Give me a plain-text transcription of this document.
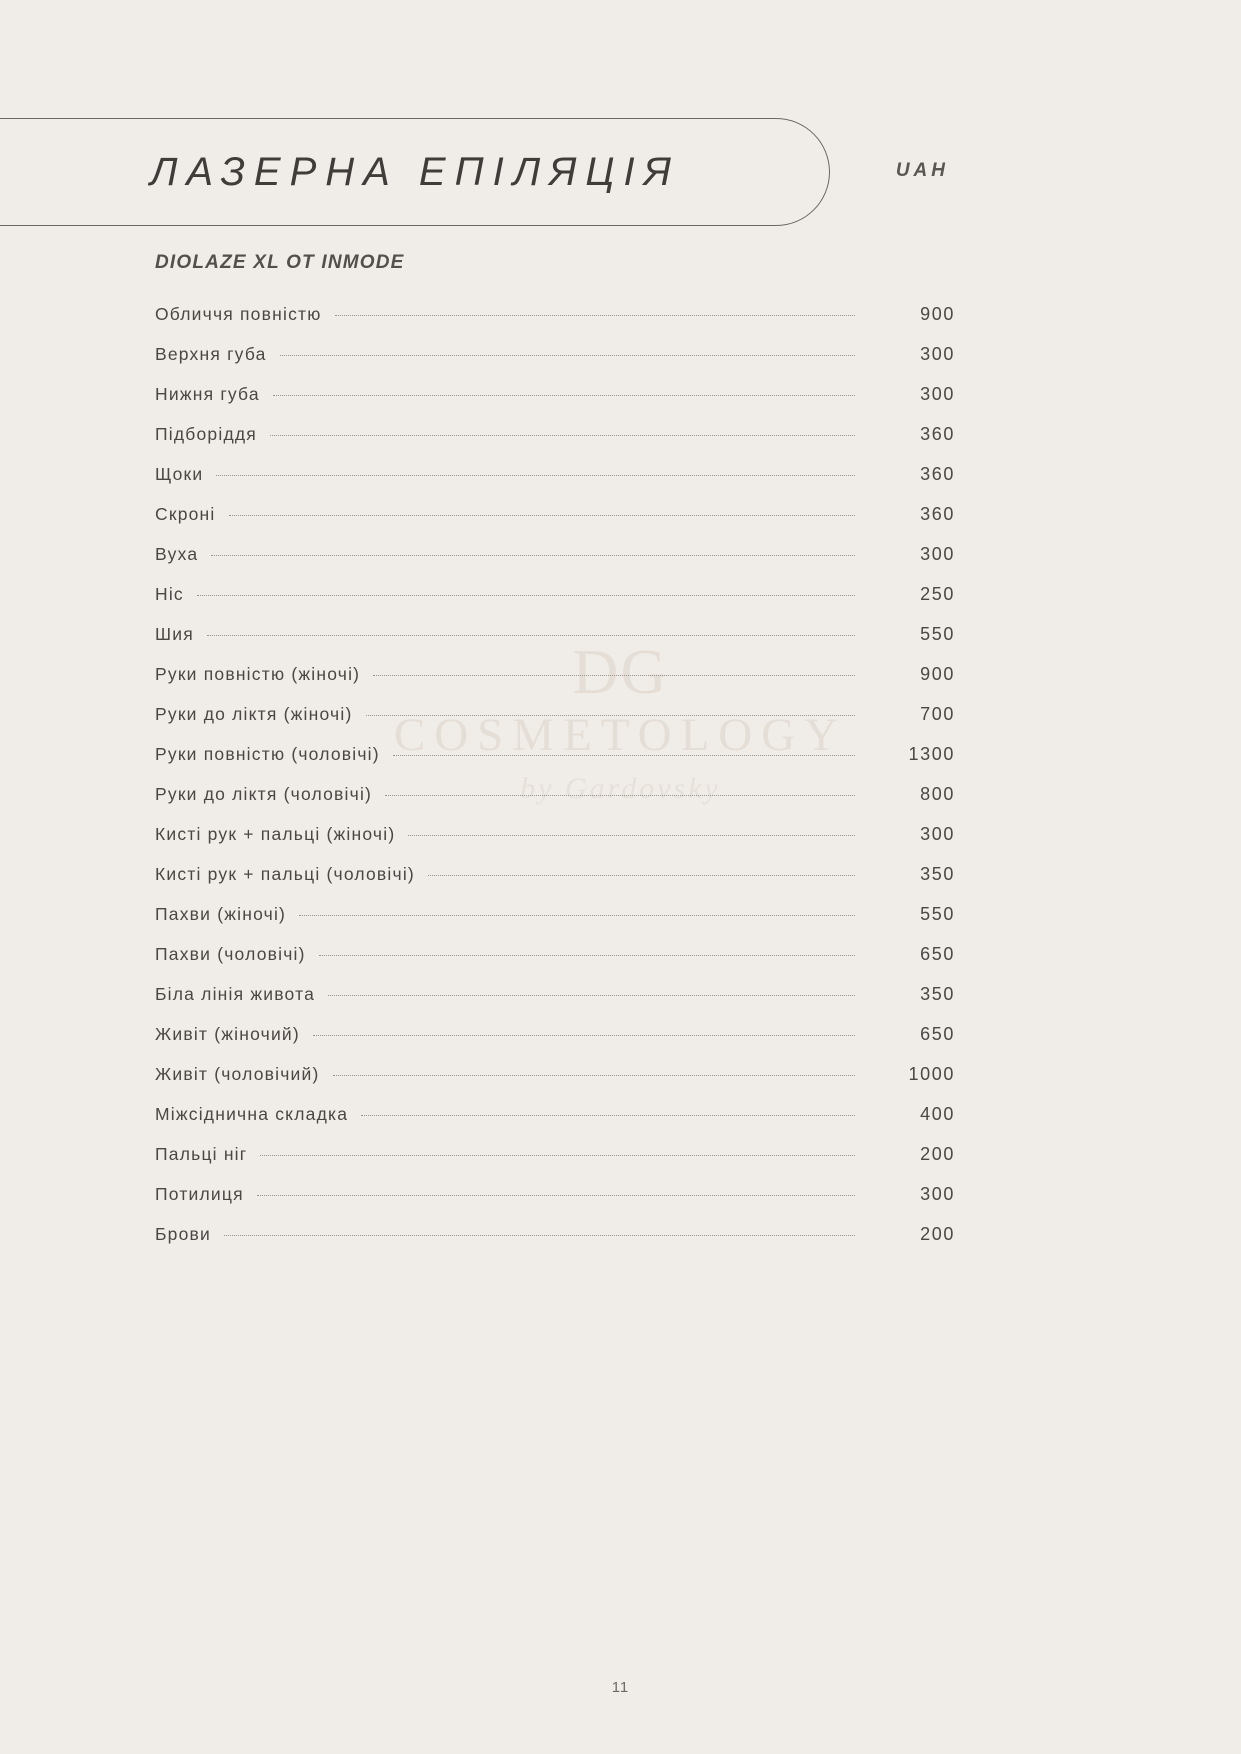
DG
COSMETOLOGY
by Gardovsky
ЛАЗЕРНА ЕПІЛЯЦІЯ	UAH
DIOLAZE XL OT INMODE
Обличчя повністю	900
Верхня губа	300
Нижня губа	300
Підборіддя	360
Щоки	360
Скроні	360
Вуха	300
Ніс	250
Шия	550
Руки повністю (жіночі)	900
Руки до лiктя (жіночі)	700
Руки повністю (чоловічі)	1300
Руки до лiктя (чоловічі)	800
Кисті рук + пальці (жіночі)	300
Кисті рук + пальці (чоловічі)	350
Пахви (жіночі)	550
Пахви (чоловічі)	650
Біла лінія живота	350
Живіт (жіночий)	650
Живіт (чоловічий)	1000
Міжсідничнa складка	400
Пальці ніг	200
Потилиця	300
Брови	200
11
